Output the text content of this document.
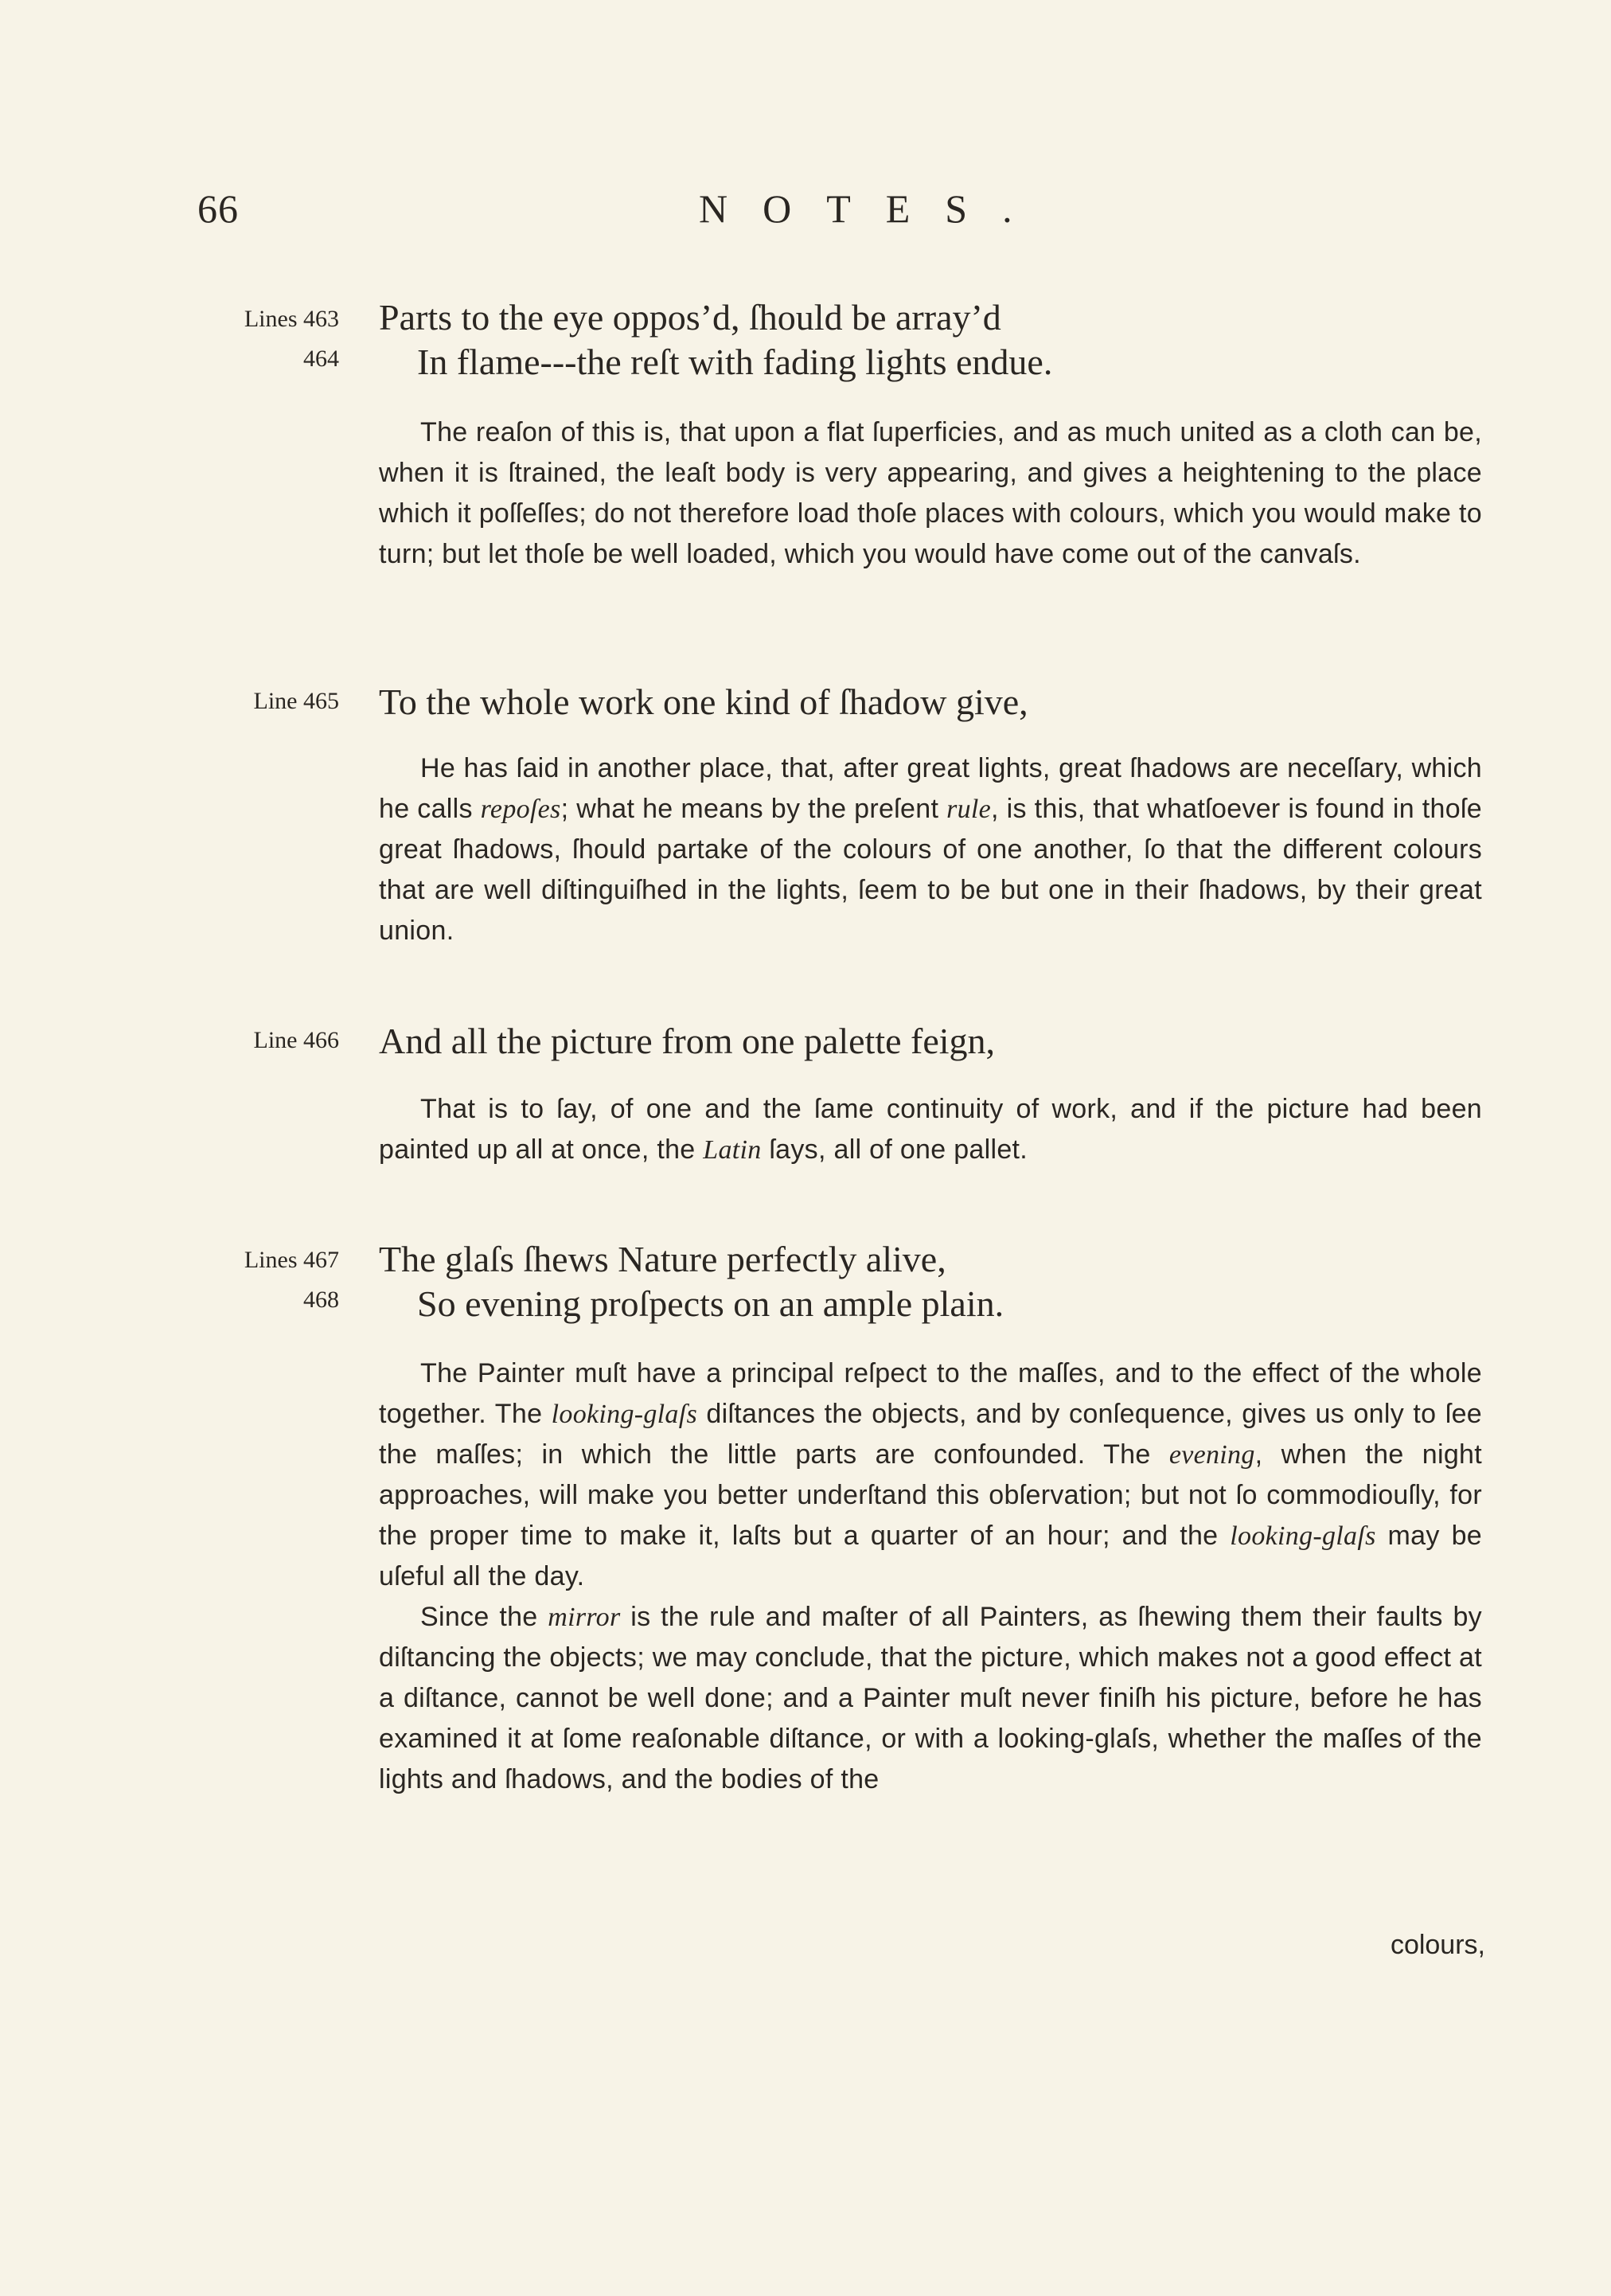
66	NOTES.
Lines 463
464
Parts to the eye oppos’d, ſhould be array’d
In flame---the reſt with fading lights endue.

The reaſon of this is, that upon a flat ſuperficies, and as much united as a cloth can be, when it is ſtrained, the leaſt body is very appearing, and gives a heightening to the place which it poſſeſſes; do not therefore load thoſe places with colours, which you would make to turn; but let thoſe be well loaded, which you would have come out of the canvaſs.

Line 465 To the whole work one kind of ſhadow give,

He has ſaid in another place, that, after great lights, great ſhadows are neceſſary, which he calls repoſes; what he means by the preſent rule, is this, that whatſoever is found in thoſe great ſhadows, ſhould partake of the colours of one another, ſo that the different colours that are well diſtinguiſhed in the lights, ſeem to be but one in their ſhadows, by their great union.

Line 466 And all the picture from one palette feign,

That is to ſay, of one and the ſame continuity of work, and if the picture had been painted up all at once, the Latin ſays, all of one pallet.

Lines 467
468
The glaſs ſhews Nature perfectly alive,
So evening proſpects on an ample plain.

The Painter muſt have a principal reſpect to the maſſes, and to the effect of the whole together. The looking-glaſs diſtances the objects, and by conſequence, gives us only to ſee the maſſes; in which the little parts are confounded. The evening, when the night approaches, will make you better underſtand this obſervation; but not ſo commodiouſly, for the proper time to make it, laſts but a quarter of an hour; and the looking-glaſs may be uſeful all the day.

Since the mirror is the rule and maſter of all Painters, as ſhewing them their faults by diſtancing the objects; we may conclude, that the picture, which makes not a good effect at a diſtance, cannot be well done; and a Painter muſt never finiſh his picture, before he has examined it at ſome reaſonable diſtance, or with a looking-glaſs, whether the maſſes of the lights and ſhadows, and the bodies of the

colours,
